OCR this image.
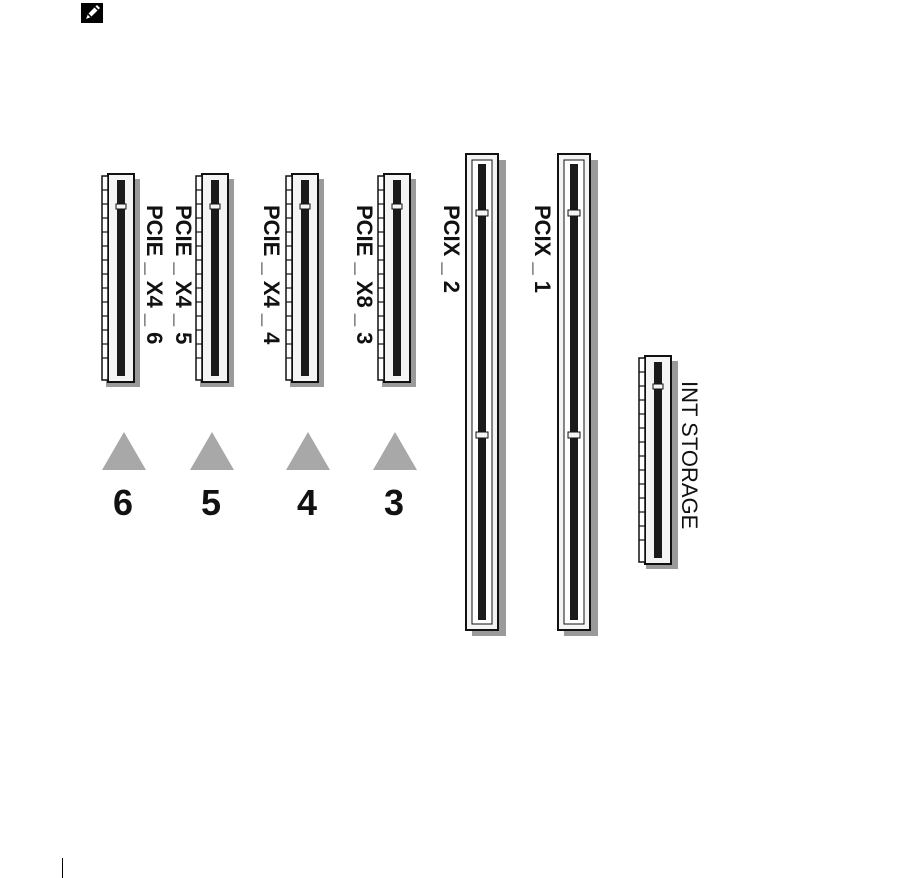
PCIE _ X4 _ 6
6
PCIE _ X4 _ 5
5
PCIE _ X4 _ 4
4
PCIE _ X8 _ 3
3
PCIX _ 2	PCIX _ 1
INT STORAGE
